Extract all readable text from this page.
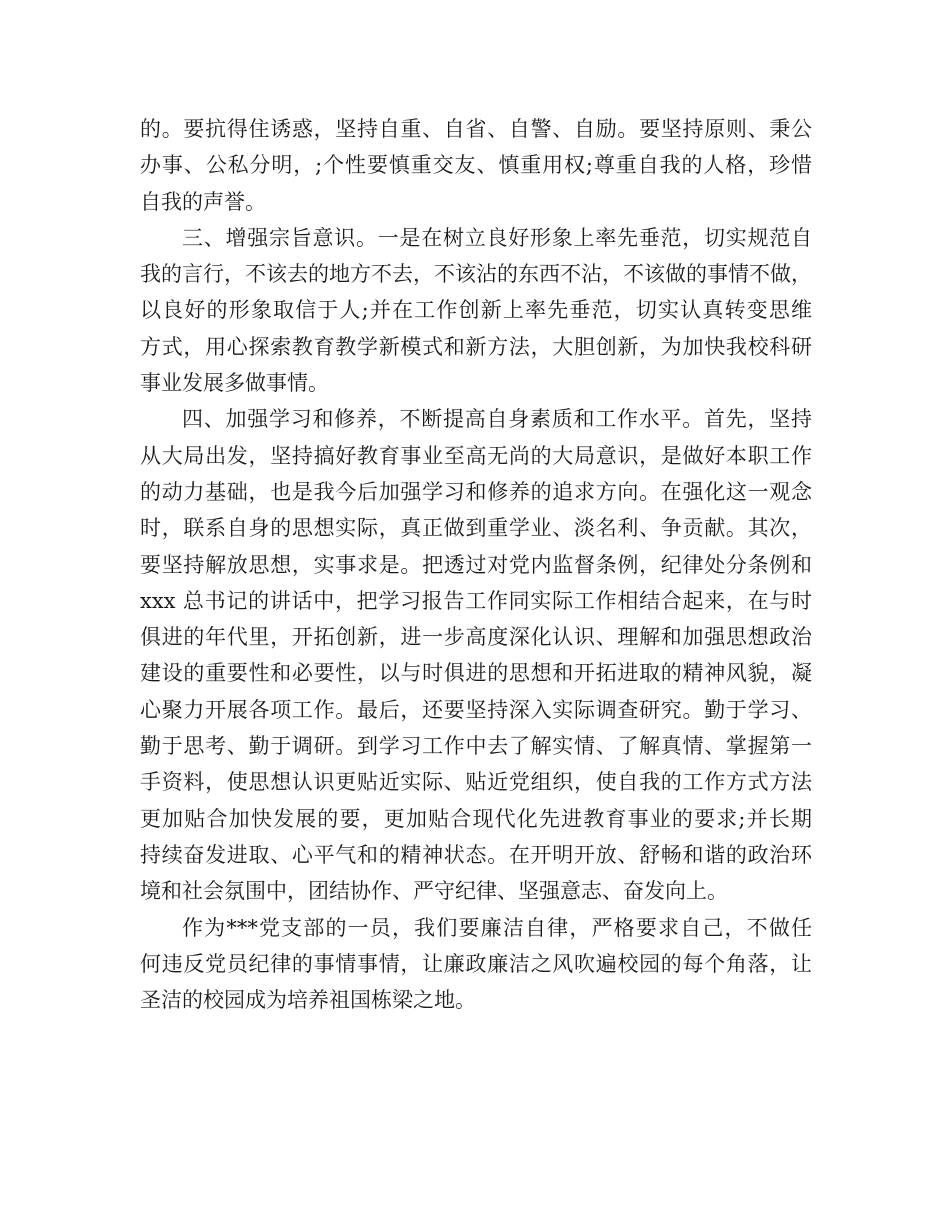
的。要抗得住诱惑，坚持自重、自省、自警、自励。要坚持原则、秉公
办事、公私分明，;个性要慎重交友、慎重用权;尊重自我的人格，珍惜
自我的声誉。
三、增强宗旨意识。一是在树立良好形象上率先垂范，切实规范自
我的言行，不该去的地方不去，不该沾的东西不沾，不该做的事情不做，
以良好的形象取信于人;并在工作创新上率先垂范，切实认真转变思维
方式，用心探索教育教学新模式和新方法，大胆创新，为加快我校科研
事业发展多做事情。
四、加强学习和修养，不断提高自身素质和工作水平。首先，坚持
从大局出发，坚持搞好教育事业至高无尚的大局意识，是做好本职工作
的动力基础，也是我今后加强学习和修养的追求方向。在强化这一观念
时，联系自身的思想实际，真正做到重学业、淡名利、争贡献。其次，
要坚持解放思想，实事求是。把透过对党内监督条例，纪律处分条例和
xxx 总书记的讲话中，把学习报告工作同实际工作相结合起来，在与时
俱进的年代里，开拓创新，进一步高度深化认识、理解和加强思想政治
建设的重要性和必要性，以与时俱进的思想和开拓进取的精神风貌，凝
心聚力开展各项工作。最后，还要坚持深入实际调查研究。勤于学习、
勤于思考、勤于调研。到学习工作中去了解实情、了解真情、掌握第一
手资料，使思想认识更贴近实际、贴近党组织，使自我的工作方式方法
更加贴合加快发展的要，更加贴合现代化先进教育事业的要求;并长期
持续奋发进取、心平气和的精神状态。在开明开放、舒畅和谐的政治环
境和社会氛围中，团结协作、严守纪律、坚强意志、奋发向上。
作为***党支部的一员，我们要廉洁自律，严格要求自己，不做任
何违反党员纪律的事情事情，让廉政廉洁之风吹遍校园的每个角落，让
圣洁的校园成为培养祖国栋梁之地。
